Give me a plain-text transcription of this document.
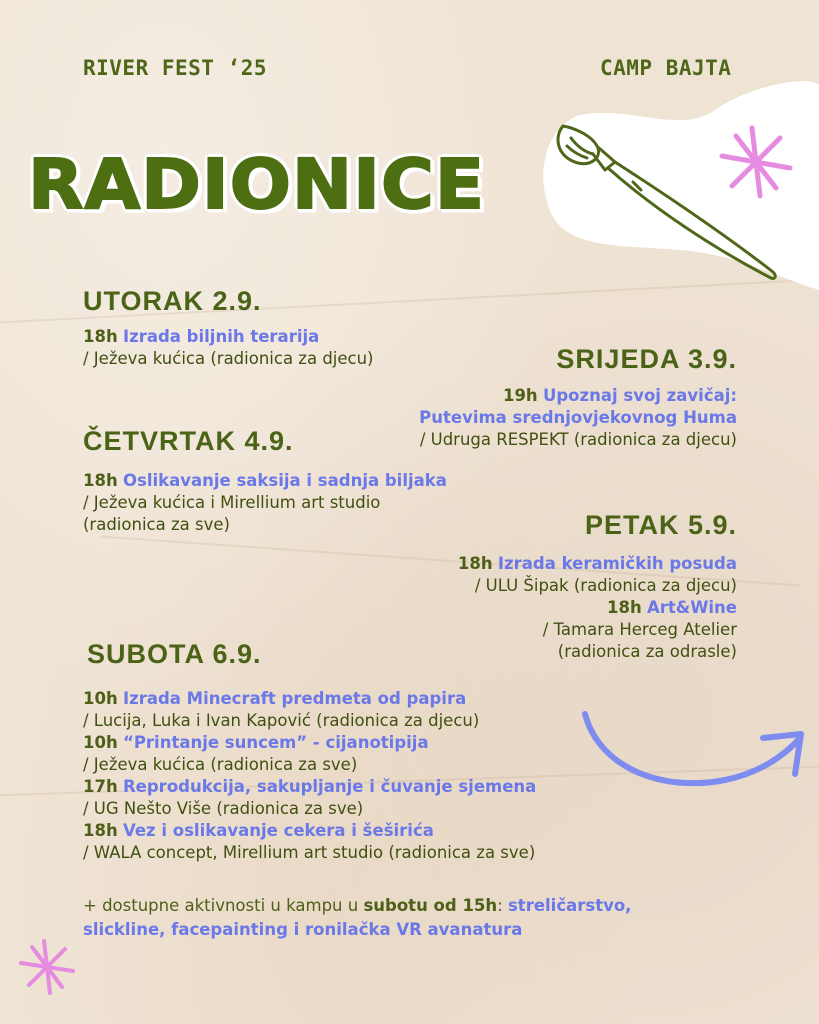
RIVER FEST ‘25	CAMP BAJTA
RADIONICE
UTORAK 2.9.
18h Izrada biljnih terarija
/ Ježeva kućica (radionica za djecu)	SRIJEDA 3.9.
19h Upoznaj svoj zavičaj:
Putevima srednjovjekovnog Huma
/ Udruga RESPEKT (radionica za djecu)
ČETVRTAK 4.9.
18h Oslikavanje saksija i sadnja biljaka
/ Ježeva kućica i Mirellium art studio
(radionica za sve)	PETAK 5.9.
18h Izrada keramičkih posuda
/ ULU Šipak (radionica za djecu)
18h Art&Wine
/ Tamara Herceg Atelier
(radionica za odrasle)
SUBOTA 6.9.
10h Izrada Minecraft predmeta od papira
/ Lucija, Luka i Ivan Kapović (radionica za djecu)
10h “Printanje suncem” - cijanotipija
/ Ježeva kućica (radionica za sve)
17h Reprodukcija, sakupljanje i čuvanje sjemena
/ UG Nešto Više (radionica za sve)
18h Vez i oslikavanje cekera i šeširića
/ WALA concept, Mirellium art studio (radionica za sve)
+ dostupne aktivnosti u kampu u subotu od 15h: streličarstvo,
slickline, facepainting i ronilačka VR avanatura
